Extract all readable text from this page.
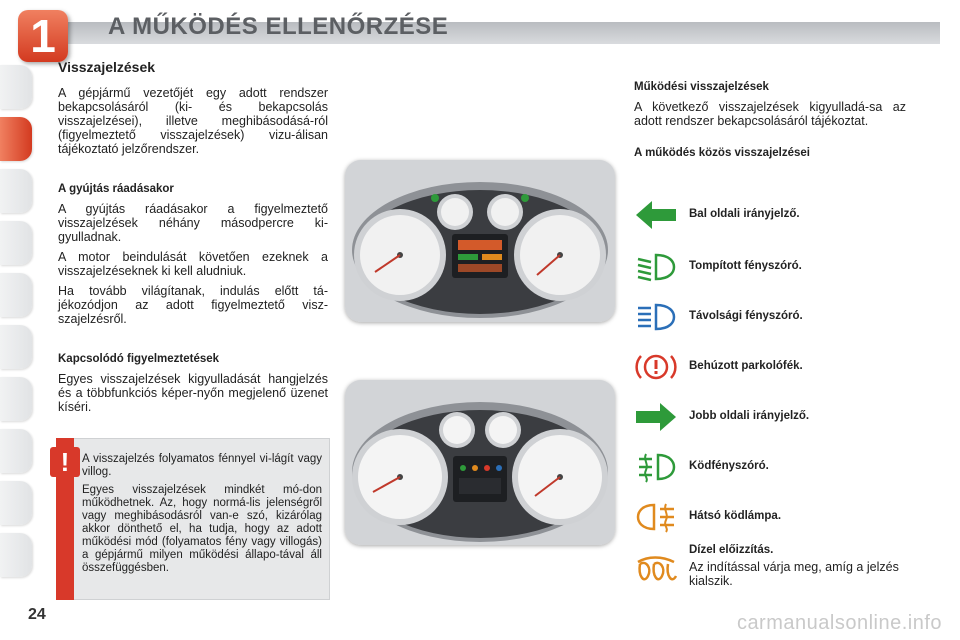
1	A MŰKÖDÉS ELLENŐRZÉSE
Visszajelzések

A gépjármű vezetőjét egy adott rendszer bekapcsolásáról (ki- és bekapcsolás visszajelzései), illetve meghibásodásá-ról (figyelmeztető visszajelzések) vizu-álisan tájékoztató jelzőrendszer.

A gyújtás ráadásakor

A gyújtás ráadásakor a figyelmeztető visszajelzések néhány másodpercre ki-gyulladnak.

A motor beindulását követően ezeknek a visszajelzéseknek ki kell aludniuk.

Ha tovább világítanak, indulás előtt tá-jékozódjon az adott figyelmeztető visz-szajelzésről.

Kapcsolódó figyelmeztetések

Egyes visszajelzések kigyulladását hangjelzés és a többfunkciós képer-nyőn megjelenő üzenet kíséri.

!	A visszajelzés folyamatos fénnyel vi-lágít vagy villog.

Egyes visszajelzések mindkét mó-don működhetnek. Az, hogy normá-lis jelenségről vagy meghibásodásról van-e szó, kizárólag akkor dönthető el, ha tudja, hogy az adott működési mód (folyamatos fény vagy villogás) a gépjármű milyen működési állapo-tával áll összefüggésben.

Működési visszajelzések

A következő visszajelzések kigyulladá-sa az adott rendszer bekapcsolásáról tájékoztat.

A működés közös visszajelzései
Bal oldali irányjelző.
Tompított fényszóró.
Távolsági fényszóró.
Behúzott parkolófék.
Jobb oldali irányjelző.
Ködfényszóró.
Hátsó ködlámpa.
Dízel előizzítás.

Az indítással várja meg, amíg a jelzés kialszik.

24	carmanualsonline.info
